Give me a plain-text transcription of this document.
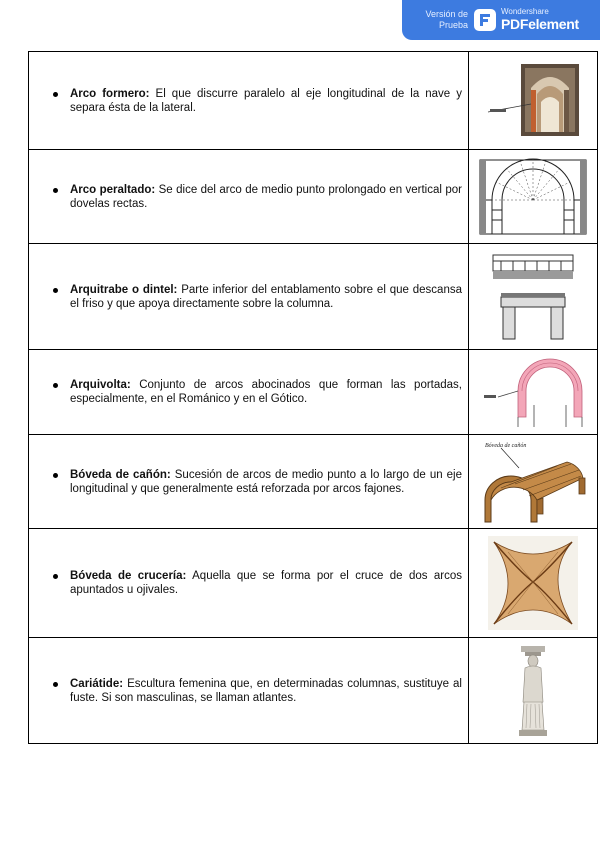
Versión de
Prueba
Wondershare
PDFelement
Arco formero: El que discurre paralelo al eje longitudinal de la nave y separa ésta de la lateral.

Arco peraltado: Se dice del arco de medio punto prolongado en vertical por dovelas rectas.

Arquitrabe o dintel: Parte inferior del entablamento sobre el que descansa el friso y que apoya directamente sobre la columna.

Arquivolta: Conjunto de arcos abocinados que forman las portadas, especialmente, en el Románico y en el Gótico.

Bóveda de cañón: Sucesión de arcos de medio punto a lo largo de un eje longitudinal y que generalmente está reforzada por arcos fajones.	Bóveda de cañón

Bóveda de crucería: Aquella que se forma por el cruce de dos arcos apuntados u ojivales.

Cariátide: Escultura femenina que, en determinadas columnas, sustituye al fuste. Si son masculinas, se llaman atlantes.
